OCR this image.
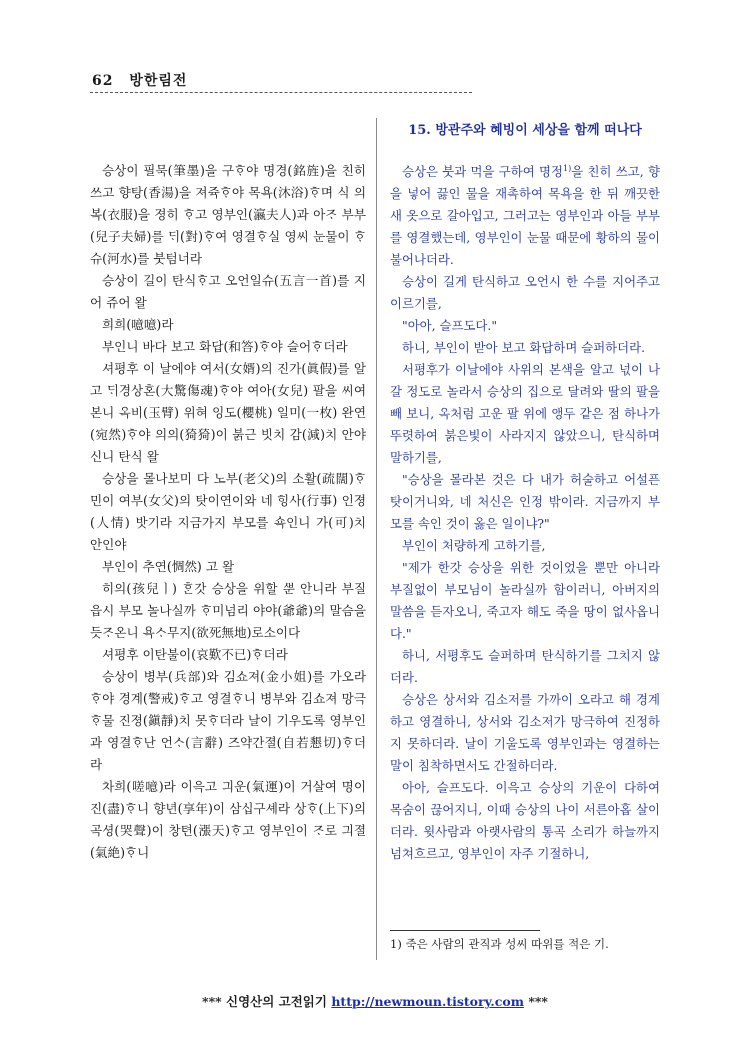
62 방한림전

승상이 필묵(筆墨)을 구ᄒᆞ야 명경(銘旌)을 친히 쓰고 향탕(香湯)을 져쥭ᄒᆞ야 목욕(沐浴)ᄒᆞ며 식 의복(衣服)을 졍히 ᄒᆞ고 영부인(瀛夫人)과 아ᄌᆞ 부부(兒子夫婦)를 ᄃᆡ(對)ᄒᆞ여 영결ᄒᆞ실 영씨 눈물이 ᄒᆞ슈(河水)를 붓텀너라

승상이 길이 탄식ᄒᆞ고 오언일슈(五言一首)를 지어 쥬어 왈

희희(噫噫)라

부인니 바다 보고 화답(和答)ᄒᆞ야 슬어ᄒᆞ더라

셔평후 이 날에야 여서(女婿)의 진가(眞假)를 알고 ᄃᆡ경상혼(大驚傷魂)ᄒᆞ야 여아(女兒) 팔을 씨여 본니 옥비(玉臂) 위혀 잉도(櫻桃) 일미(一枚) 완연(宛然)ᄒᆞ야 의의(猗猗)이 붉근 빗치 감(減)치 안야신니 탄식 왈

승상을 몰나보미 다 노부(老父)의 소활(疏闊)ᄒᆞ민이 여부(女父)의 탓이연이와 네 힝사(行事) 인졍(人情) 밧기라 지금가지 부모를 쇽인니 가(可)치 안인야

부인이 추연(惆然) 고 왈

히의(孩兒ㅣ) ᄒᆞᆫ갓 승상을 위할 ᄲᅮᆫ 안니라 부질읍시 부모 놀나실까 ᄒᆞ미넘리 야야(爺爺)의 말슴을 듯ᄌᆞ온니 욕ᄉᆞ무지(欲死無地)로소이다

셔평후 이탄불이(哀歎不已)ᄒᆞ더라

승상이 병부(兵部)와 김쇼져(金小姐)를 가오라 ᄒᆞ야 경계(警戒)ᄒᆞ고 영결ᄒᆞ니 병부와 김쇼져 망극ᄒᆞ물 진졍(鎭靜)치 못ᄒᆞ더라 날이 기우도록 영부인과 영결ᄒᆞ난 언ᄉᆞ(言辭) 즈약간졀(自若懇切)ᄒᆞ더라

차희(嗟噫)라 이윽고 긔운(氣運)이 거살여 명이 진(盡)ᄒᆞ니 향년(享年)이 삼십구셰라 상ᄒᆞ(上下)의 곡셩(哭聲)이 창텬(漲天)ᄒᆞ고 영부인이 ᄌᆞ로 긔졀(氣絶)ᄒᆞ니

15. 방관주와 혜빙이 세상을 함께 떠나다

승상은 붓과 먹을 구하여 명정$^{1)}$을 친히 쓰고, 향을 넣어 끓인 물을 재촉하여 목욕을 한 뒤 깨끗한 새 옷으로 갈아입고, 그러고는 영부인과 아들 부부를 영결했는데, 영부인이 눈물 때문에 황하의 물이 불어나더라.

승상이 길게 탄식하고 오언시 한 수를 지어주고 이르기를,

"아아, 슬프도다."

하니, 부인이 받아 보고 화답하며 슬퍼하더라.

서평후가 이날에야 사위의 본색을 알고 넋이 나갈 정도로 놀라서 승상의 집으로 달려와 딸의 팔을 빼 보니, 옥처럼 고운 팔 위에 앵두 같은 점 하나가 뚜렷하여 붉은빛이 사라지지 않았으니, 탄식하며 말하기를,

"승상을 몰라본 것은 다 내가 허술하고 어설픈 탓이거니와, 네 처신은 인정 밖이라. 지금까지 부모를 속인 것이 옳은 일이냐?"

부인이 처량하게 고하기를,

"제가 한갓 승상을 위한 것이었을 뿐만 아니라 부질없이 부모님이 놀라실까 함이러니, 아버지의 말씀을 듣자오니, 죽고자 해도 죽을 땅이 없사옵니다."

하니, 서평후도 슬퍼하며 탄식하기를 그치지 않더라.

승상은 상서와 김소저를 가까이 오라고 해 경계하고 영결하니, 상서와 김소저가 망극하여 진정하지 못하더라. 날이 기울도록 영부인과는 영결하는 말이 침착하면서도 간절하더라.

아아, 슬프도다. 이윽고 승상의 기운이 다하여 목숨이 끊어지니, 이때 승상의 나이 서른아홉 살이더라. 윗사람과 아랫사람의 통곡 소리가 하늘까지 넘쳐흐르고, 영부인이 자주 기절하니,

1) 죽은 사람의 관직과 성씨 따위를 적은 기.
*** 신영산의 고전읽기 http://newmoun.tistory.com ***
